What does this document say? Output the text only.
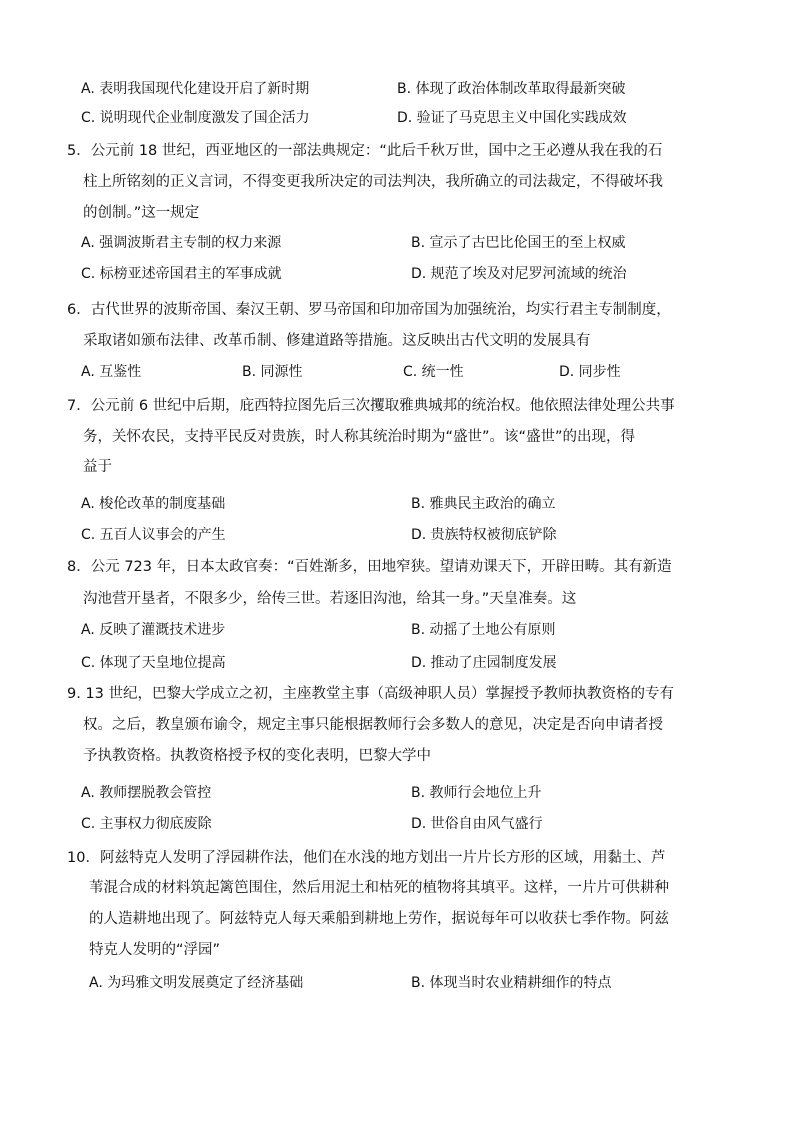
A. 表明我国现代化建设开启了新时期	B. 体现了政治体制改革取得最新突破
C. 说明现代企业制度激发了国企活力	D. 验证了马克思主义中国化实践成效
5．公元前 18 世纪，西亚地区的一部法典规定：“此后千秋万世，国中之王必遵从我在我的石
柱上所铭刻的正义言词，不得变更我所决定的司法判决，我所确立的司法裁定，不得破坏我
的创制。”这一规定
A. 强调波斯君主专制的权力来源	B. 宣示了古巴比伦国王的至上权威
C. 标榜亚述帝国君主的军事成就	D. 规范了埃及对尼罗河流域的统治
6．古代世界的波斯帝国、秦汉王朝、罗马帝国和印加帝国为加强统治，均实行君主专制制度，
采取诸如颁布法律、改革币制、修建道路等措施。这反映出古代文明的发展具有
A. 互鉴性	B. 同源性	C. 统一性	D. 同步性
7．公元前 6 世纪中后期，庇西特拉图先后三次攫取雅典城邦的统治权。他依照法律处理公共事
务，关怀农民，支持平民反对贵族，时人称其统治时期为“盛世”。该“盛世”的出现，得
益于
A. 梭伦改革的制度基础	B. 雅典民主政治的确立
C. 五百人议事会的产生	D. 贵族特权被彻底铲除
8．公元 723 年，日本太政官奏：“百姓渐多，田地窄狭。望请劝课天下，开辟田畴。其有新造
沟池营开垦者，不限多少，给传三世。若逐旧沟池，给其一身。”天皇准奏。这
A. 反映了灌溉技术进步	B. 动摇了土地公有原则
C. 体现了天皇地位提高	D. 推动了庄园制度发展
9. 13 世纪，巴黎大学成立之初，主座教堂主事（高级神职人员）掌握授予教师执教资格的专有
权。之后，教皇颁布谕令，规定主事只能根据教师行会多数人的意见，决定是否向申请者授
予执教资格。执教资格授予权的变化表明，巴黎大学中
A. 教师摆脱教会管控	B. 教师行会地位上升
C. 主事权力彻底废除	D. 世俗自由风气盛行
10．阿兹特克人发明了浮园耕作法，他们在水浅的地方划出一片片长方形的区域，用黏土、芦
苇混合成的材料筑起篱笆围住，然后用泥土和枯死的植物将其填平。这样，一片片可供耕种
的人造耕地出现了。阿兹特克人每天乘船到耕地上劳作，据说每年可以收获七季作物。阿兹
特克人发明的“浮园”
A. 为玛雅文明发展奠定了经济基础	B. 体现当时农业精耕细作的特点
